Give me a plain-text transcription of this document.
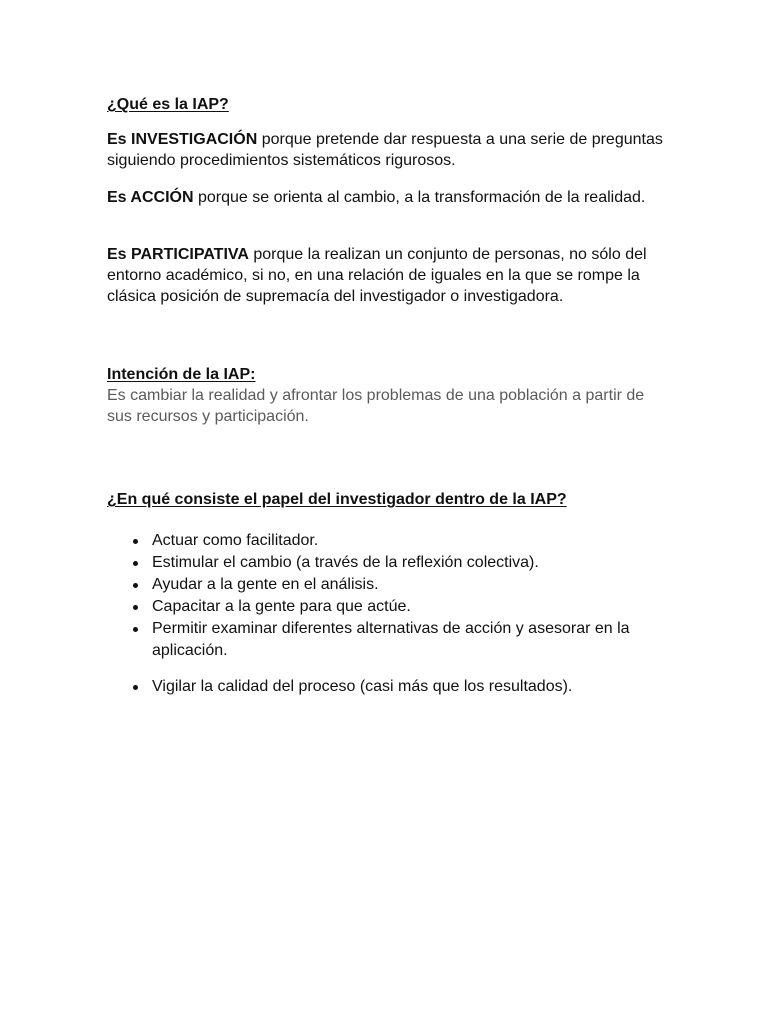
¿Qué es la IAP?
Es INVESTIGACIÓN porque pretende dar respuesta a una serie de preguntas siguiendo procedimientos sistemáticos rigurosos.
Es ACCIÓN porque se orienta al cambio, a la transformación de la realidad.
Es PARTICIPATIVA porque la realizan un conjunto de personas, no sólo del entorno académico, si no, en una relación de iguales en la que se rompe la clásica posición de supremacía del investigador o investigadora.
Intención de la IAP:
Es cambiar la realidad y afrontar los problemas de una población a partir de sus recursos y participación.
¿En qué consiste el papel del investigador dentro de la IAP?
Actuar como facilitador.
Estimular el cambio (a través de la reflexión colectiva).
Ayudar a la gente en el análisis.
Capacitar a la gente para que actúe.
Permitir examinar diferentes alternativas de acción y asesorar en la aplicación.
Vigilar la calidad del proceso (casi más que los resultados).
